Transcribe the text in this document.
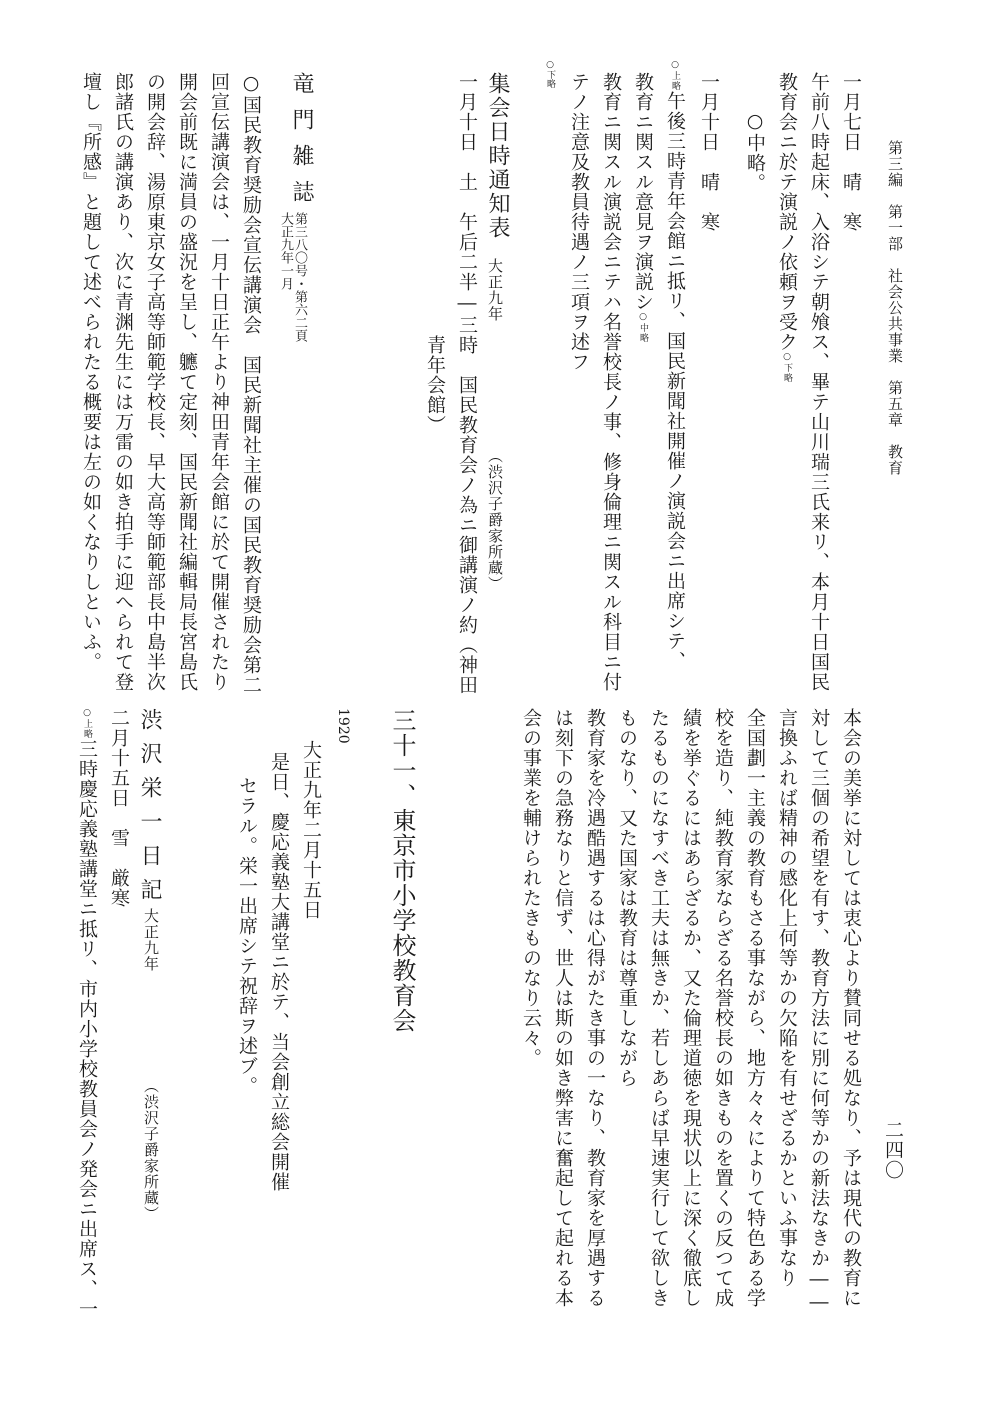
第三編　第一部　社会公共事業　第五章　教育
一月七日　晴　寒
午前八時起床、入浴シテ朝飧ス、畢テ山川瑞三氏来リ、本月十日国民
教育会ニ於テ演説ノ依頼ヲ受ク○下略
○中略。
一月十日　晴　寒
○上略午後三時青年会館ニ抵リ、国民新聞社開催ノ演説会ニ出席シテ、
教育ニ関スル意見ヲ演説シ○中略
教育ニ関スル演説会ニテハ名誉校長ノ事、修身倫理ニ関スル科目ニ付
テノ注意及教員待遇ノ三項ヲ述フ
○下略
集会日時通知表
大正九年
（渋沢子爵家所蔵）
一月十日　土　午后二半―三時　国民教育会ノ為ニ御講演ノ約（神田
青年会館）
竜門雑誌
第三八〇号・第六二頁
大正九年一月
○国民教育奨励会宣伝講演会　国民新聞社主催の国民教育奨励会第二
回宣伝講演会は、一月十日正午より神田青年会館に於て開催されたり
開会前既に満員の盛況を呈し、軈て定刻、国民新聞社編輯局長宮島氏
の開会辞、湯原東京女子高等師範学校長、早大高等師範部長中島半次
郎諸氏の講演あり、次に青渊先生には万雷の如き拍手に迎へられて登
壇し『所感』と題して述べられたる概要は左の如くなりしといふ。
二四〇
本会の美挙に対しては衷心より賛同せる処なり、予は現代の教育に
対して三個の希望を有す、教育方法に別に何等かの新法なきか――
言換ふれば精神の感化上何等かの欠陥を有せざるかといふ事なり
全国劃一主義の教育もさる事ながら、地方々々によりて特色ある学
校を造り、純教育家ならざる名誉校長の如きものを置くの反つて成
績を挙ぐるにはあらざるか、又た倫理道徳を現状以上に深く徹底し
たるものになすべき工夫は無きか、若しあらば早速実行して欲しき
ものなり、又た国家は教育は尊重しながら
教育家を冷遇酷遇するは心得がたき事の一なり、教育家を厚遇する
は刻下の急務なりと信ず、世人は斯の如き弊害に奮起して起れる本
会の事業を輔けられたきものなり云々。
三十一、東京市小学校教育会
1920
大正九年二月十五日
是日、慶応義塾大講堂ニ於テ、当会創立総会開催
セラル。栄一出席シテ祝辞ヲ述ブ。
渋沢栄一日記
大正九年
（渋沢子爵家所蔵）
二月十五日　雪　厳寒
○上略三時慶応義塾講堂ニ抵リ、市内小学校教員会ノ発会ニ出席ス、一
